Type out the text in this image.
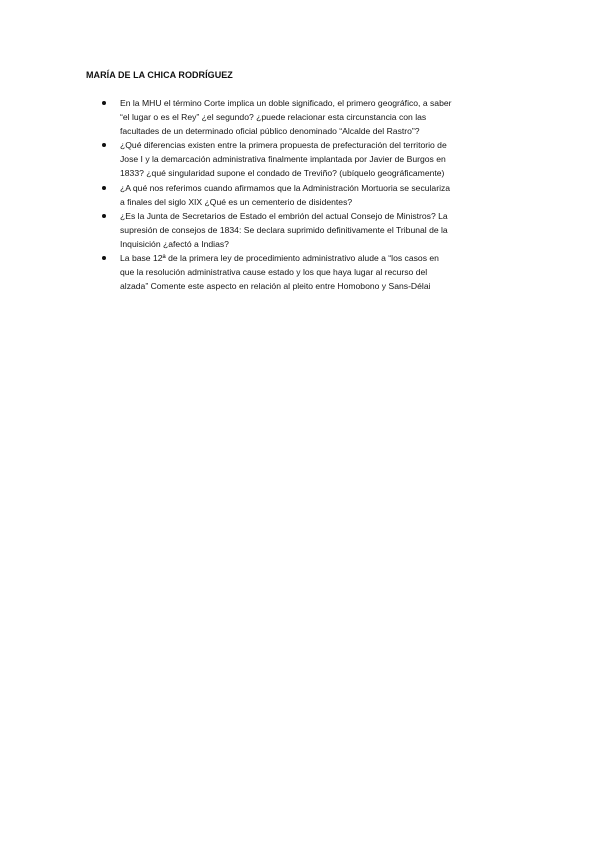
MARÍA DE LA CHICA RODRÍGUEZ
En la MHU el término Corte implica un doble significado, el primero geográfico, a saber
“el lugar o es el Rey” ¿el segundo? ¿puede relacionar esta circunstancia con las
facultades de un determinado oficial público denominado “Alcalde del Rastro”?
¿Qué diferencias existen entre la primera propuesta de prefecturación del territorio de
Jose I y la demarcación administrativa finalmente implantada por Javier de Burgos en
1833? ¿qué singularidad supone el condado de Treviño? (ubíquelo geográficamente)
¿A qué nos referimos cuando afirmamos que la Administración Mortuoria se seculariza
a finales del siglo XIX ¿Qué es un cementerio de disidentes?
¿Es la Junta de Secretarios de Estado el embrión del actual Consejo de Ministros? La
supresión de consejos de 1834: Se declara suprimido definitivamente el Tribunal de la
Inquisición ¿afectó a Indias?
La base 12ª de la primera ley de procedimiento administrativo alude a “los casos en
que la resolución administrativa cause estado y los que haya lugar al recurso del
alzada” Comente este aspecto en relación al pleito entre Homobono y Sans-Délai
